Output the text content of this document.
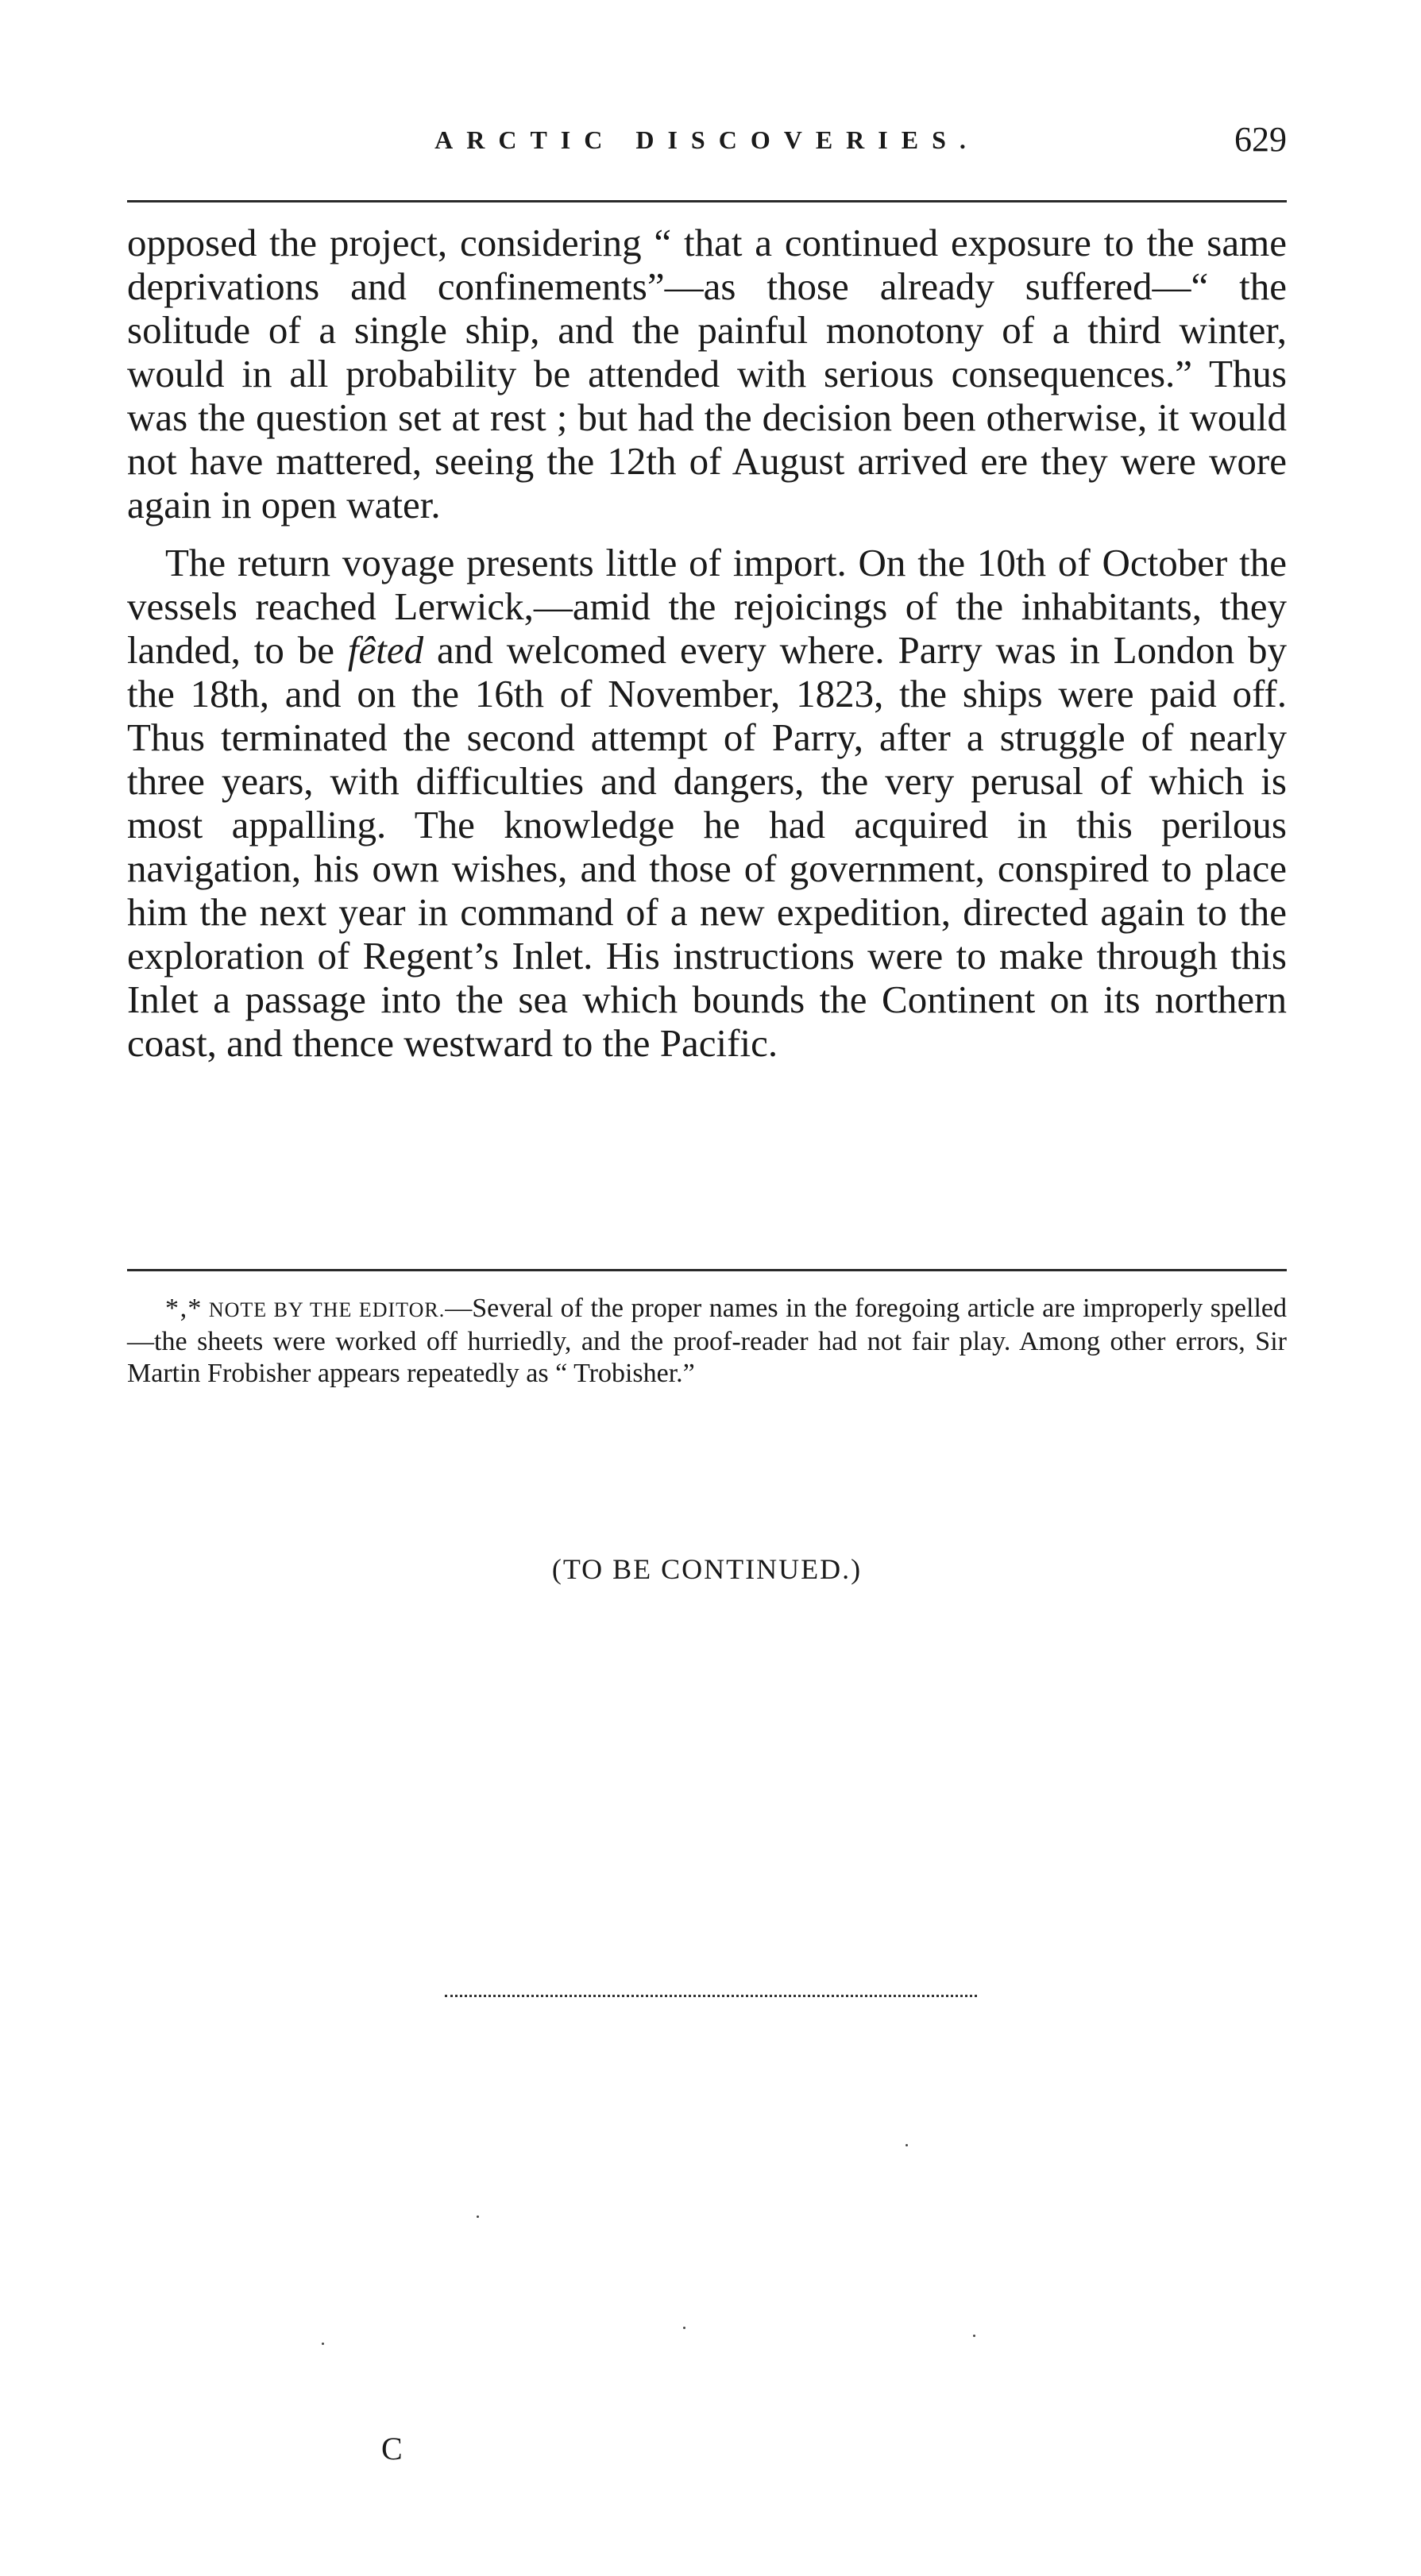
ARCTIC DISCOVERIES.	629

opposed the project, considering “ that a continued exposure to the same deprivations and confinements”—as those already suffered—“ the solitude of a single ship, and the painful monotony of a third winter, would in all probability be attended with serious consequences.” Thus was the question set at rest ; but had the decision been otherwise, it would not have mattered, seeing the 12th of August arrived ere they were wore again in open water.

The return voyage presents little of import. On the 10th of October the vessels reached Lerwick,—amid the rejoicings of the inhabitants, they landed, to be fêted and welcomed every where. Parry was in London by the 18th, and on the 16th of November, 1823, the ships were paid off. Thus terminated the second attempt of Parry, after a struggle of nearly three years, with difficulties and dangers, the very perusal of which is most appalling. The knowledge he had acquired in this perilous navigation, his own wishes, and those of government, conspired to place him the next year in command of a new expedition, directed again to the exploration of Regent’s Inlet. His instructions were to make through this Inlet a passage into the sea which bounds the Continent on its northern coast, and thence westward to the Pacific.

*‚* NOTE BY THE EDITOR.—Several of the proper names in the foregoing article are improperly spelled—the sheets were worked off hurriedly, and the proof-reader had not fair play. Among other errors, Sir Martin Frobisher appears repeatedly as “ Trobisher.”
(TO BE CONTINUED.)
C
